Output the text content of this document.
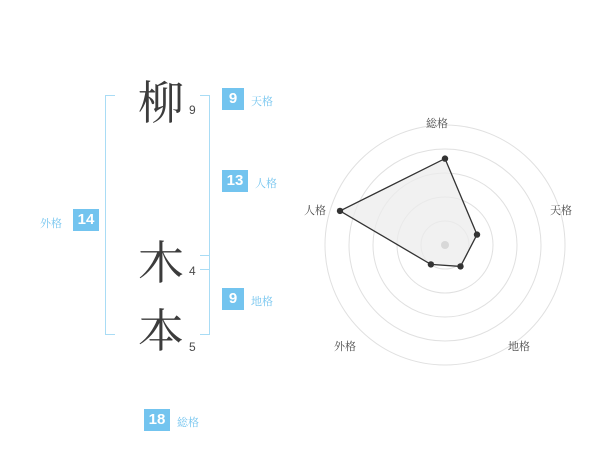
柳 9
木 4
本 5
9	天格
13	人格
9	地格
外格	14
18	総格
総格
天格
地格
外格
人格
